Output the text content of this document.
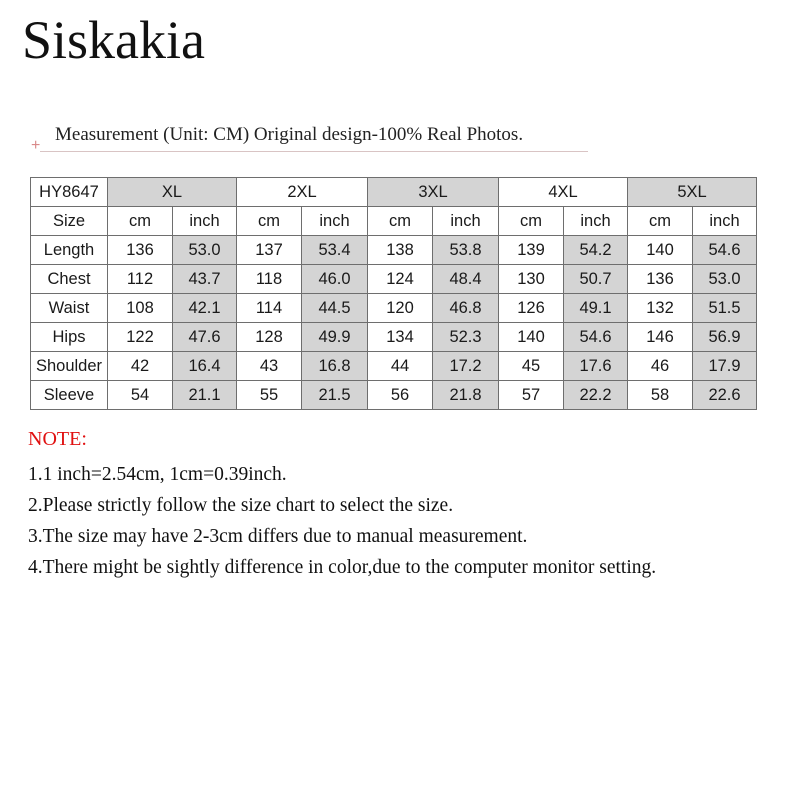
Siskakia
Measurement (Unit: CM) Original design-100% Real Photos.
+
HY8647	XL		2XL		3XL		4XL		5XL	
Size	cm	inch	cm	inch	cm	inch	cm	inch	cm	inch
Length	136	53.0	137	53.4	138	53.8	139	54.2	140	54.6
Chest	112	43.7	118	46.0	124	48.4	130	50.7	136	53.0
Waist	108	42.1	114	44.5	120	46.8	126	49.1	132	51.5
Hips	122	47.6	128	49.9	134	52.3	140	54.6	146	56.9
Shoulder	42	16.4	43	16.8	44	17.2	45	17.6	46	17.9
Sleeve	54	21.1	55	21.5	56	21.8	57	22.2	58	22.6
NOTE:
1.1 inch=2.54cm, 1cm=0.39inch.
2.Please strictly follow the size chart to select the size.
3.The size may have 2-3cm differs due to manual measurement.
4.There might be sightly difference in color,due to the computer monitor setting.
